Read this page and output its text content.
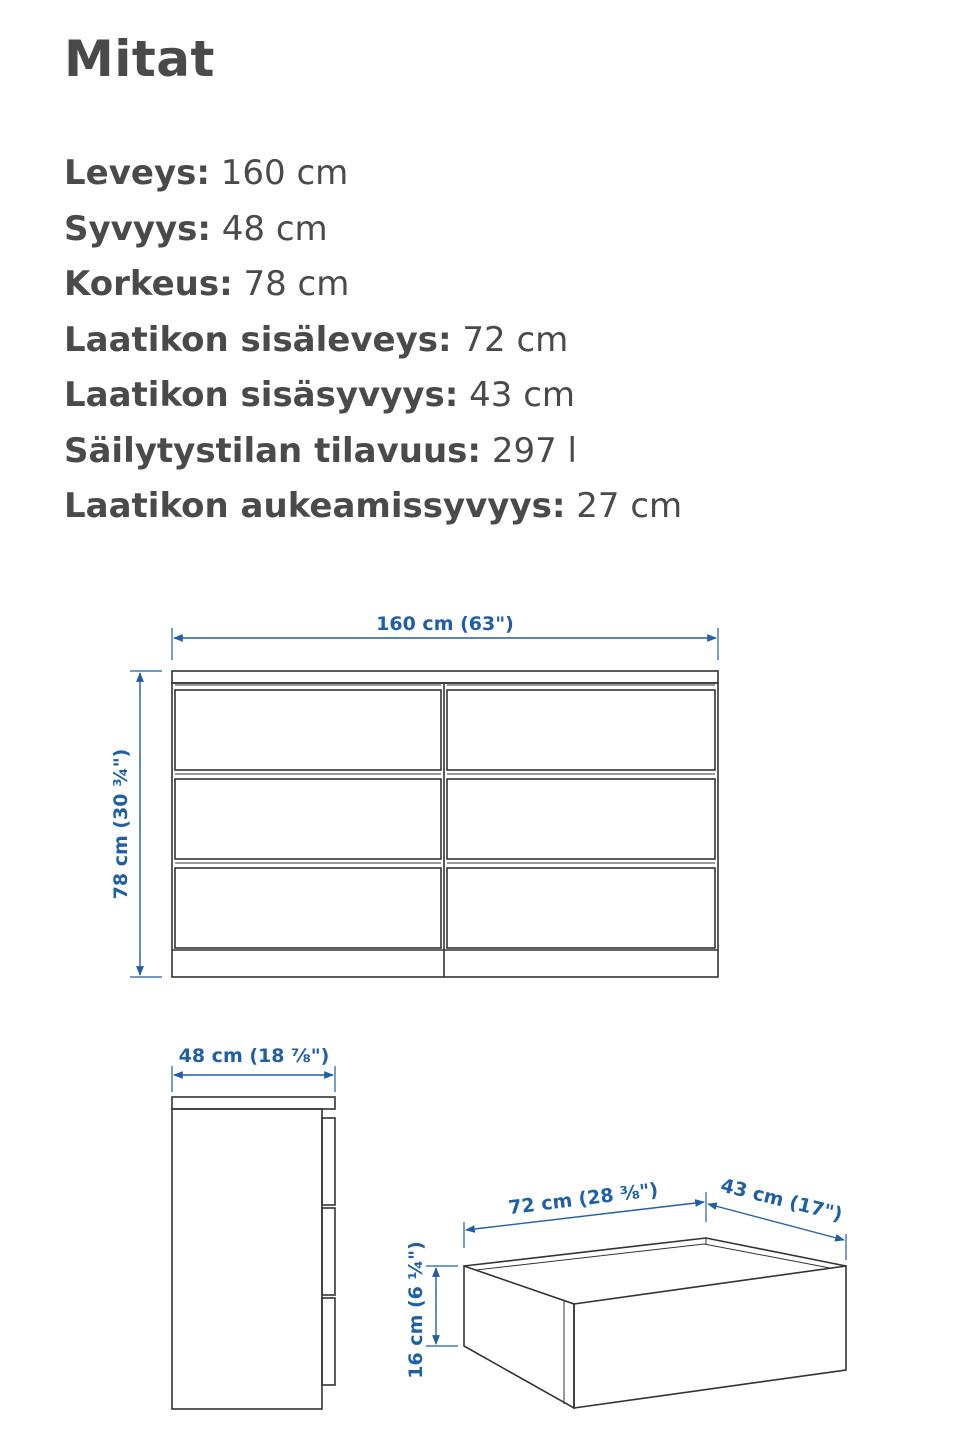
Mitat
Leveys: 160 cm
Syvyys: 48 cm
Korkeus: 78 cm
Laatikon sisäleveys: 72 cm
Laatikon sisäsyvyys: 43 cm
Säilytystilan tilavuus: 297 l
Laatikon aukeamissyvyys: 27 cm
160 cm (63")
78 cm (30 ¾")
48 cm (18 ⅞")
72 cm (28 ⅜")	43 cm (17")
16 cm (6 ¼")
